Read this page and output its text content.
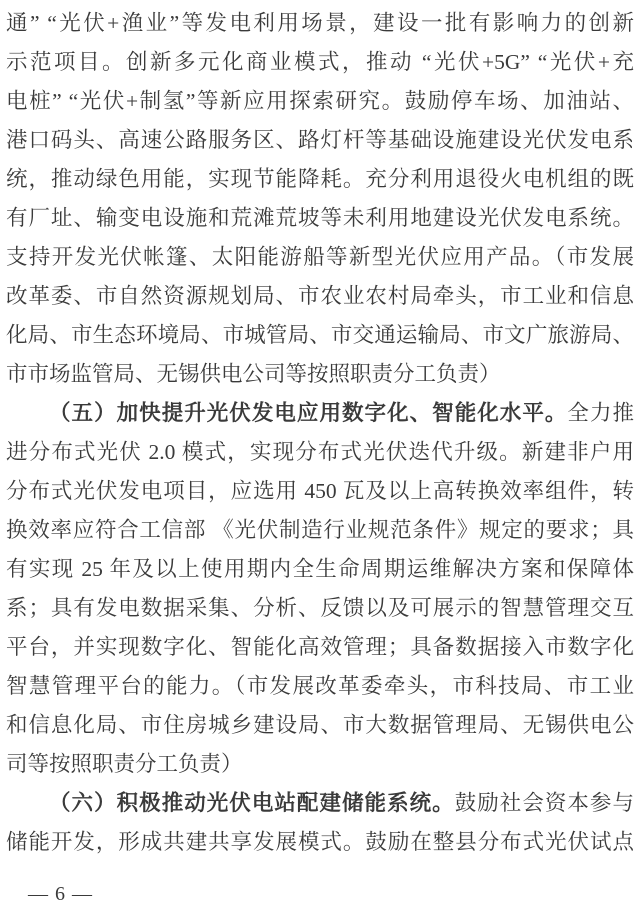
通” “光伏+渔业”等发电利用场景，建设一批有影响力的创新
示范项目。创新多元化商业模式，推动 “光伏+5G” “光伏+充
电桩” “光伏+制氢”等新应用探索研究。鼓励停车场、加油站、
港口码头、高速公路服务区、路灯杆等基础设施建设光伏发电系
统，推动绿色用能，实现节能降耗。充分利用退役火电机组的既
有厂址、输变电设施和荒滩荒坡等未利用地建设光伏发电系统。
支持开发光伏帐篷、太阳能游船等新型光伏应用产品。（市发展
改革委、市自然资源规划局、市农业农村局牵头，市工业和信息
化局、市生态环境局、市城管局、市交通运输局、市文广旅游局、
市市场监管局、无锡供电公司等按照职责分工负责）
（五）加快提升光伏发电应用数字化、智能化水平。全力推
进分布式光伏 2.0 模式，实现分布式光伏迭代升级。新建非户用
分布式光伏发电项目，应选用 450 瓦及以上高转换效率组件，转
换效率应符合工信部 《光伏制造行业规范条件》规定的要求；具
有实现 25 年及以上使用期内全生命周期运维解决方案和保障体
系；具有发电数据采集、分析、反馈以及可展示的智慧管理交互
平台，并实现数字化、智能化高效管理；具备数据接入市数字化
智慧管理平台的能力。（市发展改革委牵头，市科技局、市工业
和信息化局、市住房城乡建设局、市大数据管理局、无锡供电公
司等按照职责分工负责）
（六）积极推动光伏电站配建储能系统。鼓励社会资本参与
储能开发，形成共建共享发展模式。鼓励在整县分布式光伏试点
— 6 —
